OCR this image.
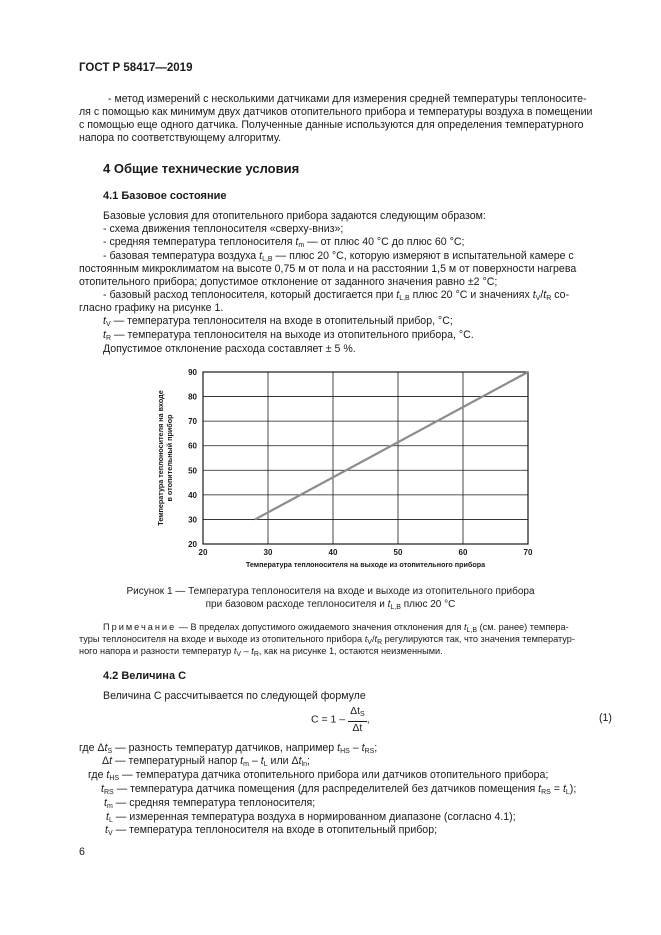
ГОСТ Р 58417—2019
- метод измерений с несколькими датчиками для измерения средней температуры теплоносите-
ля с помощью как минимум двух датчиков отопительного прибора и температуры воздуха в помещении
с помощью еще одного датчика. Полученные данные используются для определения температурного
напора по соответствующему алгоритму.
4 Общие технические условия
4.1 Базовое состояние
Базовые условия для отопительного прибора задаются следующим образом:
- схема движения теплоносителя «сверху-вниз»;
- средняя температура теплоносителя $t_m$ — от плюс 40 °C до плюс 60 °C;
- базовая температура воздуха $t_{L,B}$ — плюс 20 °C, которую измеряют в испытательной камере с
постоянным микроклиматом на высоте 0,75 м от пола и на расстоянии 1,5 м от поверхности нагрева
отопительного прибора; допустимое отклонение от заданного значения равно ±2 °C;
- базовый расход теплоносителя, который достигается при $t_{L,B}$ плюс 20 °C и значениях $t_V/t_R$ со-
гласно графику на рисунке 1.
$t_V$ — температура теплоносителя на входе в отопительный прибор, °C;
$t_R$ — температура теплоносителя на выходе из отопительного прибора, °C.
Допустимое отклонение расхода составляет ± 5 %.
20	30	40	50	60	70
20
30
40
50
60
70
80
90
Температура теплоносителя на выходе из отопительного прибора
Температура теплоносителя на входе в отопительный прибор
Рисунок 1 — Температура теплоносителя на входе и выходе из отопительного прибора
при базовом расходе теплоносителя и $t_{L,B}$ плюс 20 °C
Примечание — В пределах допустимого ожидаемого значения отклонения для $t_{L,B}$ (см. ранее) темпера-
туры теплоносителя на входе и выходе из отопительного прибора $t_V/t_R$ регулируются так, что значения температур-
ного напора и разности температур $t_V - t_R$, как на рисунке 1, остаются неизменными.
4.2 Величина С
Величина С рассчитывается по следующей формуле
$C = 1 - \frac{\Delta t_S}{\Delta t}$ ,	(1)
где $\Delta t_S$ — разность температур датчиков, например $t_{HS} - t_{RS}$;
Δt — температурный напор $t_m - t_L$ или $\Delta t_{ln}$;
где $t_{HS}$ — температура датчика отопительного прибора или датчиков отопительного прибора;
$t_{RS}$ — температура датчика помещения (для распределителей без датчиков помещения $t_{RS} = t_L$);
$t_m$ — средняя температура теплоносителя;
$t_L$ — измеренная температура воздуха в нормированном диапазоне (согласно 4.1);
$t_V$ — температура теплоносителя на входе в отопительный прибор;
6
